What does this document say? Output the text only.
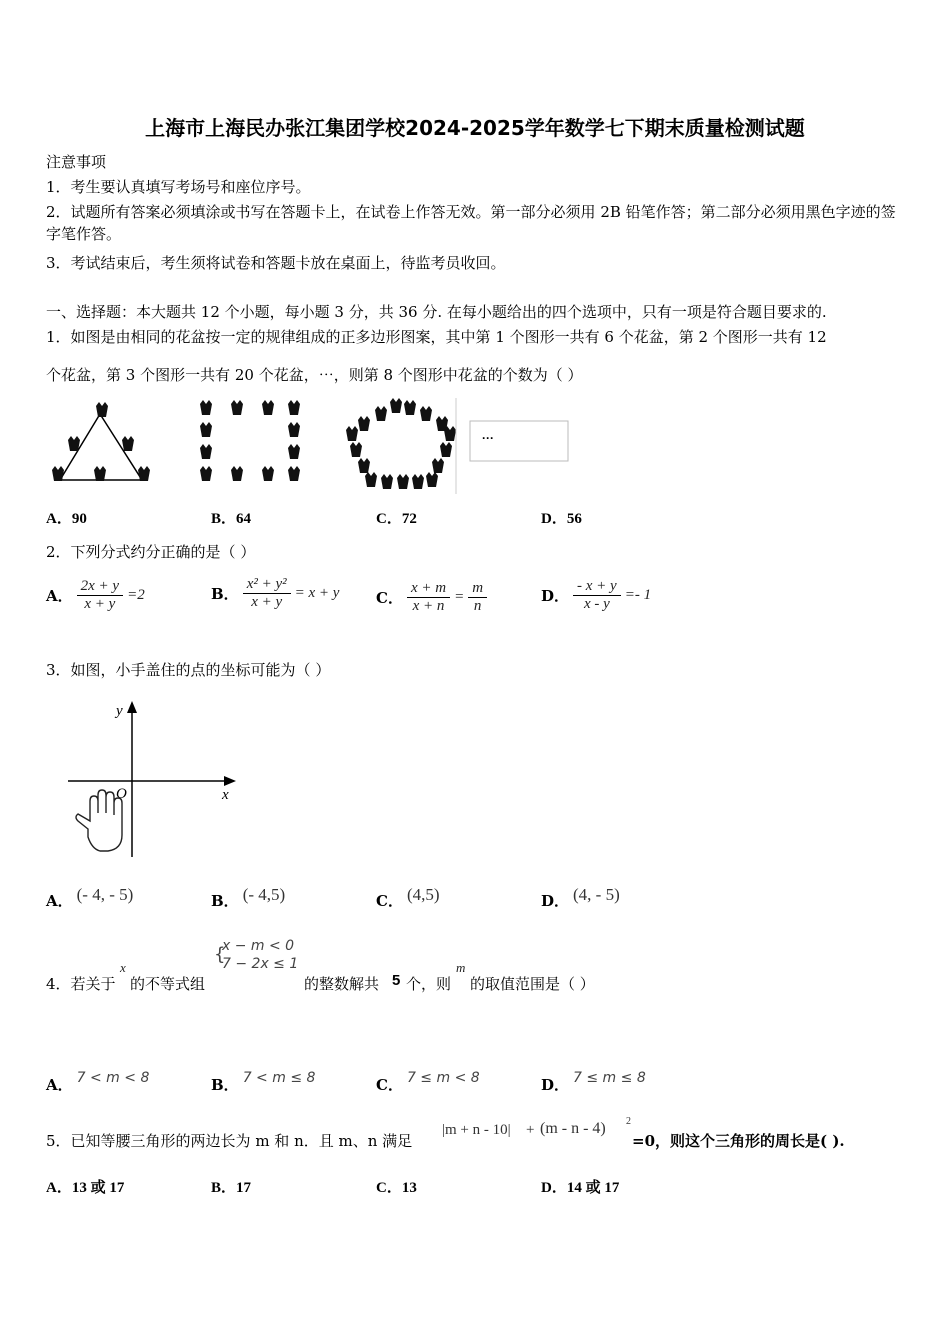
上海市上海民办张江集团学校2024-2025学年数学七下期末质量检测试题
注意事项
1．考生要认真填写考场号和座位序号。
2．试题所有答案必须填涂或书写在答题卡上，在试卷上作答无效。第一部分必须用 2B 铅笔作答；第二部分必须用黑色字迹的签字笔作答。
3．考试结束后，考生须将试卷和答题卡放在桌面上，待监考员收回。
一、选择题：本大题共 12 个小题，每小题 3 分，共 36 分. 在每小题给出的四个选项中，只有一项是符合题目要求的.
1．如图是由相同的花盆按一定的规律组成的正多边形图案，其中第 1 个图形一共有 6 个花盆，第 2 个图形一共有 12
个花盆，第 3 个图形一共有 20 个花盆，⋯，则第 8 个图形中花盆的个数为（ ）
···
A．90	B．64	C．72	D．56
2．下列分式约分正确的是（ ）
A． $\frac{2x + y}{x + y} =2$	B． $\frac{\text{x² + y²}}{x + y} = x + y$ C． $\frac{x + m}{x + n} = \frac{m}{n}$	D． $\frac{- x + y}{x - y} =- 1$
3．如图，小手盖住的点的坐标可能为（ ）
y
x
O
A． (- 4, - 5)	B． (- 4,5)	C． (4,5)	D． (4, - 5)
4．若关于
x
的不等式组
{
x − m < 0
7 − 2x ≤ 1
的整数解共 5 个，则
m
的取值范围是（ ）
A． 7 < m < 8	B． 7 < m ≤ 8	C． 7 ≤ m < 8	D． 7 ≤ m ≤ 8
5．已知等腰三角形的两边长为 m 和 n．且 m、n 满足
|m + n - 10| + (m - n - 4) 2
=0，则这个三角形的周长是( ).
A．13 或 17	B．17	C．13	D．14 或 17
